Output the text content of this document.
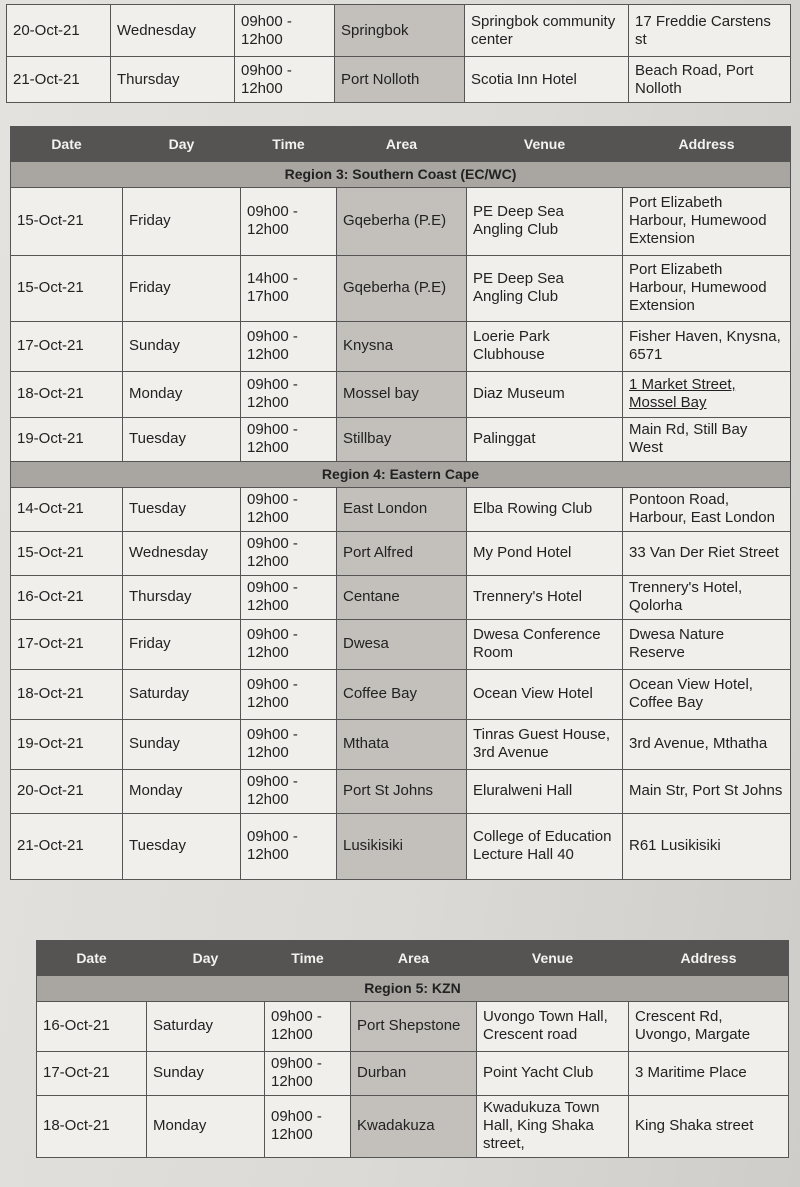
20-Oct-21	Wednesday	09h00 - 12h00	Springbok	Springbok community center	17 Freddie Carstens st
21-Oct-21	Thursday	09h00 - 12h00	Port Nolloth	Scotia Inn Hotel	Beach Road, Port Nolloth
Date	Day	Time	Area	Venue	Address
Region 3: Southern Coast (EC/WC)					
15-Oct-21	Friday	09h00 - 12h00	Gqeberha (P.E)	PE Deep Sea Angling Club	Port Elizabeth Harbour, Humewood Extension
15-Oct-21	Friday	14h00 - 17h00	Gqeberha (P.E)	PE Deep Sea Angling Club	Port Elizabeth Harbour, Humewood Extension
17-Oct-21	Sunday	09h00 - 12h00	Knysna	Loerie Park Clubhouse	Fisher Haven, Knysna, 6571
18-Oct-21	Monday	09h00 - 12h00	Mossel bay	Diaz Museum	1 Market Street, Mossel Bay
19-Oct-21	Tuesday	09h00 - 12h00	Stillbay	Palinggat	Main Rd, Still Bay West
Region 4: Eastern Cape					
14-Oct-21	Tuesday	09h00 - 12h00	East London	Elba Rowing Club	Pontoon Road, Harbour, East London
15-Oct-21	Wednesday	09h00 - 12h00	Port Alfred	My Pond Hotel	33 Van Der Riet Street
16-Oct-21	Thursday	09h00 - 12h00	Centane	Trennery's Hotel	Trennery's Hotel, Qolorha
17-Oct-21	Friday	09h00 - 12h00	Dwesa	Dwesa Conference Room	Dwesa Nature Reserve
18-Oct-21	Saturday	09h00 - 12h00	Coffee Bay	Ocean View Hotel	Ocean View Hotel, Coffee Bay
19-Oct-21	Sunday	09h00 - 12h00	Mthata	Tinras Guest House, 3rd Avenue	3rd Avenue, Mthatha
20-Oct-21	Monday	09h00 - 12h00	Port St Johns	Eluralweni Hall	Main Str, Port St Johns
21-Oct-21	Tuesday	09h00 - 12h00	Lusikisiki	College of Education Lecture Hall 40	R61 Lusikisiki
Date	Day	Time	Area	Venue	Address
Region 5: KZN					
16-Oct-21	Saturday	09h00 - 12h00	Port Shepstone	Uvongo Town Hall, Crescent road	Crescent Rd, Uvongo, Margate
17-Oct-21	Sunday	09h00 - 12h00	Durban	Point Yacht Club	3 Maritime Place
18-Oct-21	Monday	09h00 - 12h00	Kwadakuza	Kwadukuza Town Hall, King Shaka street,	King Shaka street
